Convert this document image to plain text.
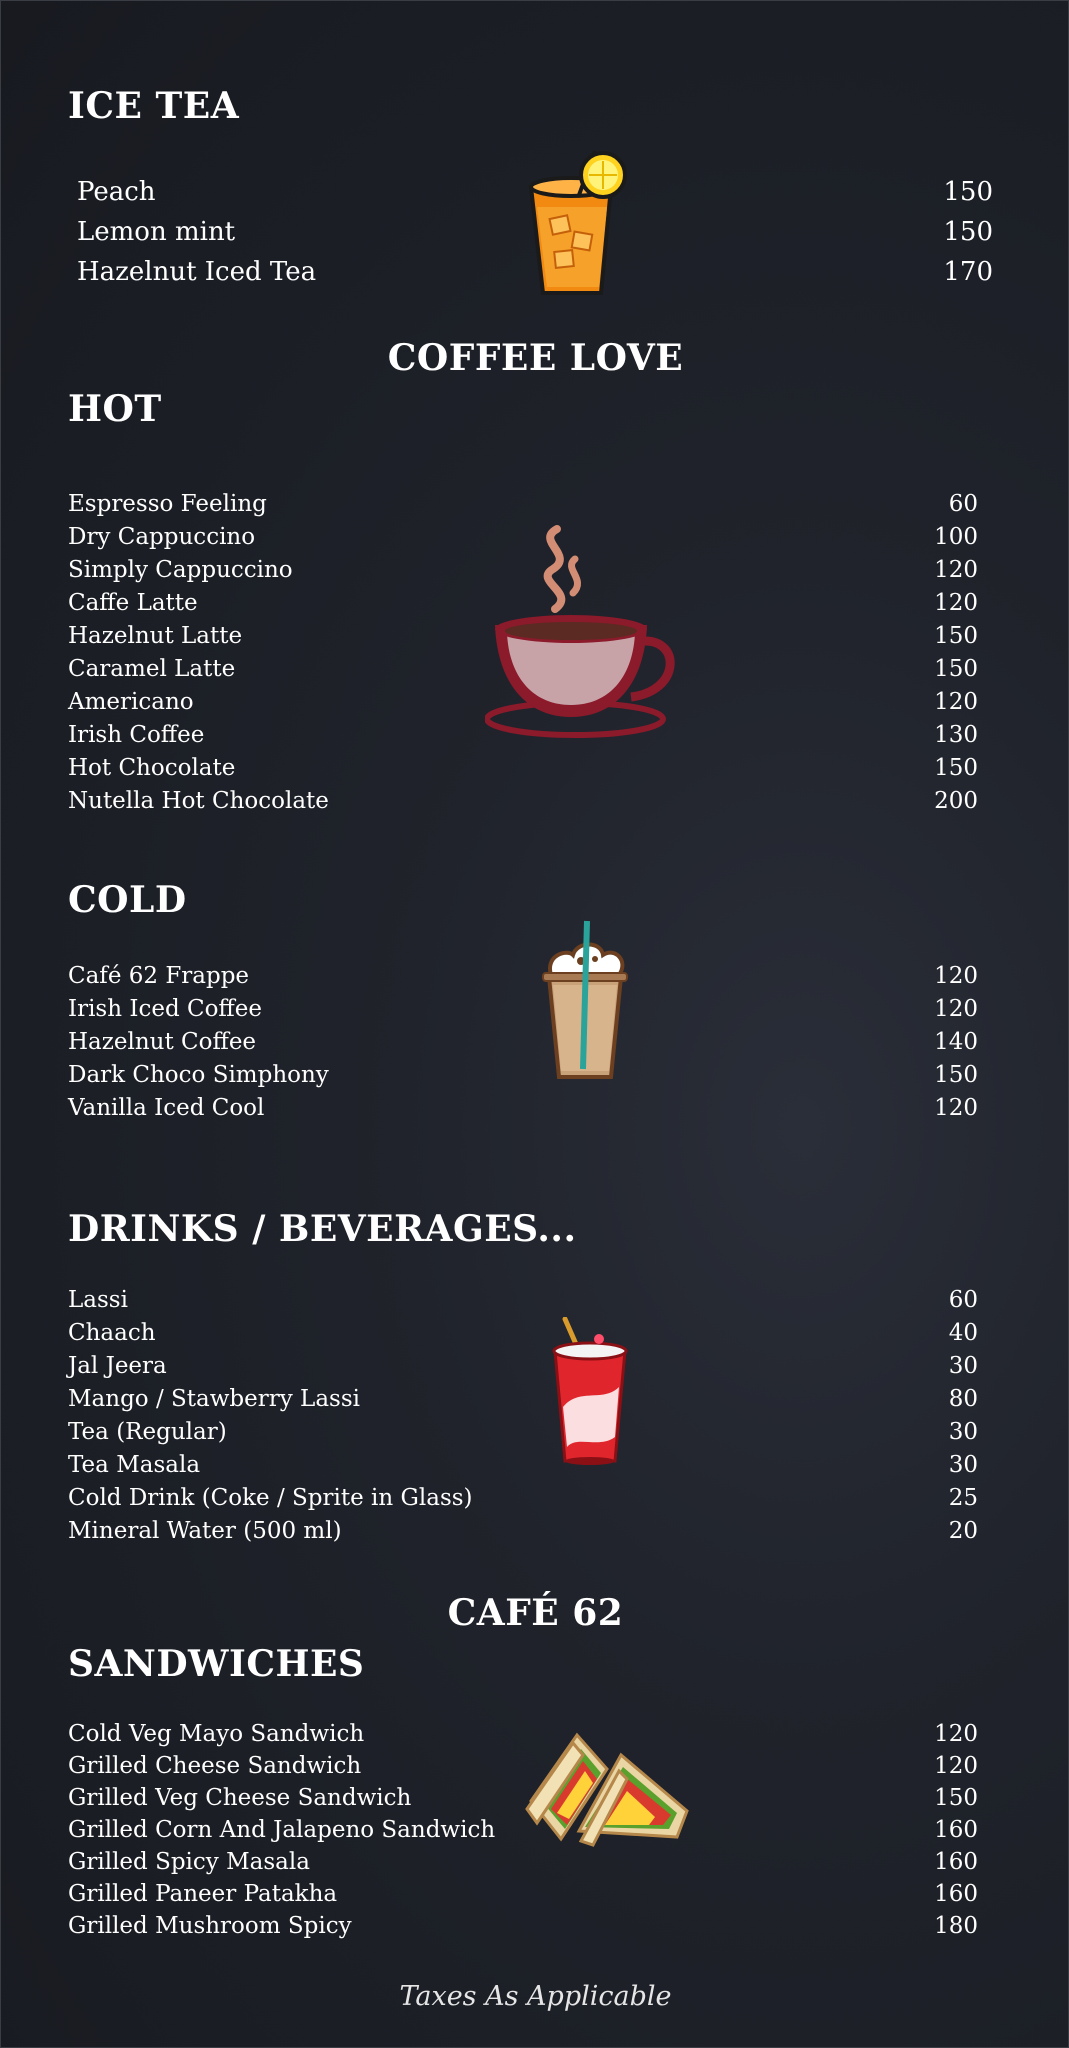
ICE TEA
Peach	150
Lemon mint	150
Hazelnut Iced Tea	170
COFFEE LOVE
HOT
Espresso Feeling	60
Dry Cappuccino	100
Simply Cappuccino	120
Caffe Latte	120
Hazelnut Latte	150
Caramel Latte	150
Americano	120
Irish Coffee	130
Hot Chocolate	150
Nutella Hot Chocolate	200
COLD
Café 62 Frappe	120
Irish Iced Coffee	120
Hazelnut Coffee	140
Dark Choco Simphony	150
Vanilla Iced Cool	120
DRINKS / BEVERAGES...
Lassi	60
Chaach	40
Jal Jeera	30
Mango / Stawberry Lassi	80
Tea (Regular)	30
Tea Masala	30
Cold Drink (Coke / Sprite in Glass)	25
Mineral Water (500 ml)	20
CAFÉ 62
SANDWICHES
Cold Veg Mayo Sandwich	120
Grilled Cheese Sandwich	120
Grilled Veg Cheese Sandwich	150
Grilled Corn And Jalapeno Sandwich	160
Grilled Spicy Masala	160
Grilled Paneer Patakha	160
Grilled Mushroom Spicy	180
Taxes As Applicable
